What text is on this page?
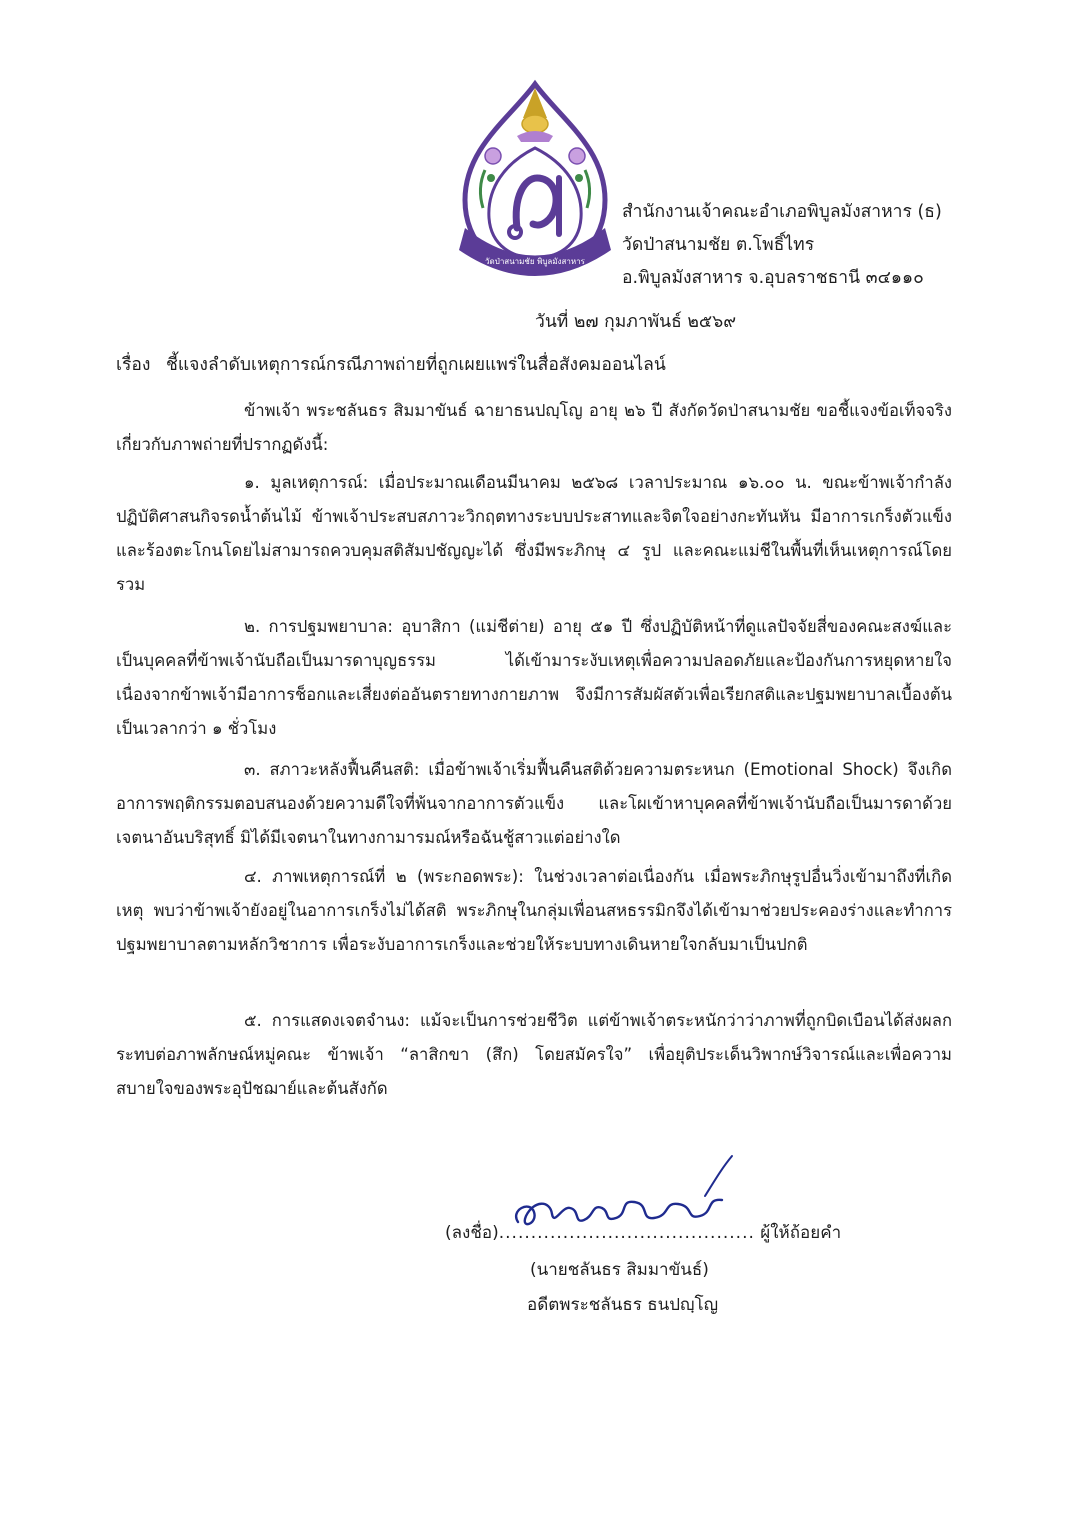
วัดป่าสนามชัย พิบูลมังสาหาร
สำนักงานเจ้าคณะอำเภอพิบูลมังสาหาร (ธ)
วัดป่าสนามชัย ต.โพธิ์ไทร
อ.พิบูลมังสาหาร จ.อุบลราชธานี ๓๔๑๑๐
วันที่ ๒๗ กุมภาพันธ์ ๒๕๖๙
เรื่อง ชี้แจงลำดับเหตุการณ์กรณีภาพถ่ายที่ถูกเผยแพร่ในสื่อสังคมออนไลน์

ข้าพเจ้า พระชลันธร สิมมาขันธ์ ฉายาธนปญฺโญ อายุ ๒๖ ปี สังกัดวัดป่าสนามชัย ขอชี้แจงข้อเท็จจริงเกี่ยวกับภาพถ่ายที่ปรากฏดังนี้:

๑. มูลเหตุการณ์: เมื่อประมาณเดือนมีนาคม ๒๕๖๘ เวลาประมาณ ๑๖.๐๐ น. ขณะข้าพเจ้ากำลังปฏิบัติศาสนกิจรดน้ำต้นไม้ ข้าพเจ้าประสบสภาวะวิกฤตทางระบบประสาทและจิตใจอย่างกะทันหัน มีอาการเกร็งตัวแข็งและร้องตะโกนโดยไม่สามารถควบคุมสติสัมปชัญญะได้ ซึ่งมีพระภิกษุ ๔ รูป และคณะแม่ชีในพื้นที่เห็นเหตุการณ์โดยรวม

๒. การปฐมพยาบาล: อุบาสิกา (แม่ชีต่าย) อายุ ๕๑ ปี ซึ่งปฏิบัติหน้าที่ดูแลปัจจัยสี่ของคณะสงฆ์และเป็นบุคคลที่ข้าพเจ้านับถือเป็นมารดาบุญธรรม ได้เข้ามาระงับเหตุเพื่อความปลอดภัยและป้องกันการหยุดหายใจ เนื่องจากข้าพเจ้ามีอาการช็อกและเสี่ยงต่ออันตรายทางกายภาพ จึงมีการสัมผัสตัวเพื่อเรียกสติและปฐมพยาบาลเบื้องต้นเป็นเวลากว่า ๑ ชั่วโมง

๓. สภาวะหลังฟื้นคืนสติ: เมื่อข้าพเจ้าเริ่มฟื้นคืนสติด้วยความตระหนก (Emotional Shock) จึงเกิดอาการพฤติกรรมตอบสนองด้วยความดีใจที่พ้นจากอาการตัวแข็ง และโผเข้าหาบุคคลที่ข้าพเจ้านับถือเป็นมารดาด้วยเจตนาอันบริสุทธิ์ มิได้มีเจตนาในทางกามารมณ์หรือฉันชู้สาวแต่อย่างใด

๔. ภาพเหตุการณ์ที่ ๒ (พระกอดพระ): ในช่วงเวลาต่อเนื่องกัน เมื่อพระภิกษุรูปอื่นวิ่งเข้ามาถึงที่เกิดเหตุ พบว่าข้าพเจ้ายังอยู่ในอาการเกร็งไม่ได้สติ พระภิกษุในกลุ่มเพื่อนสหธรรมิกจึงได้เข้ามาช่วยประคองร่างและทำการปฐมพยาบาลตามหลักวิชาการ เพื่อระงับอาการเกร็งและช่วยให้ระบบทางเดินหายใจกลับมาเป็นปกติ

๕. การแสดงเจตจำนง: แม้จะเป็นการช่วยชีวิต แต่ข้าพเจ้าตระหนักว่าว่าภาพที่ถูกบิดเบือนได้ส่งผลกระทบต่อภาพลักษณ์หมู่คณะ ข้าพเจ้า “ลาสิกขา (สึก) โดยสมัครใจ” เพื่อยุติประเด็นวิพากษ์วิจารณ์และเพื่อความสบายใจของพระอุปัชฌาย์และต้นสังกัด

(ลงชื่อ)........................................ ผู้ให้ถ้อยคำ
(นายชลันธร สิมมาขันธ์)
อดีตพระชลันธร ธนปญฺโญ
